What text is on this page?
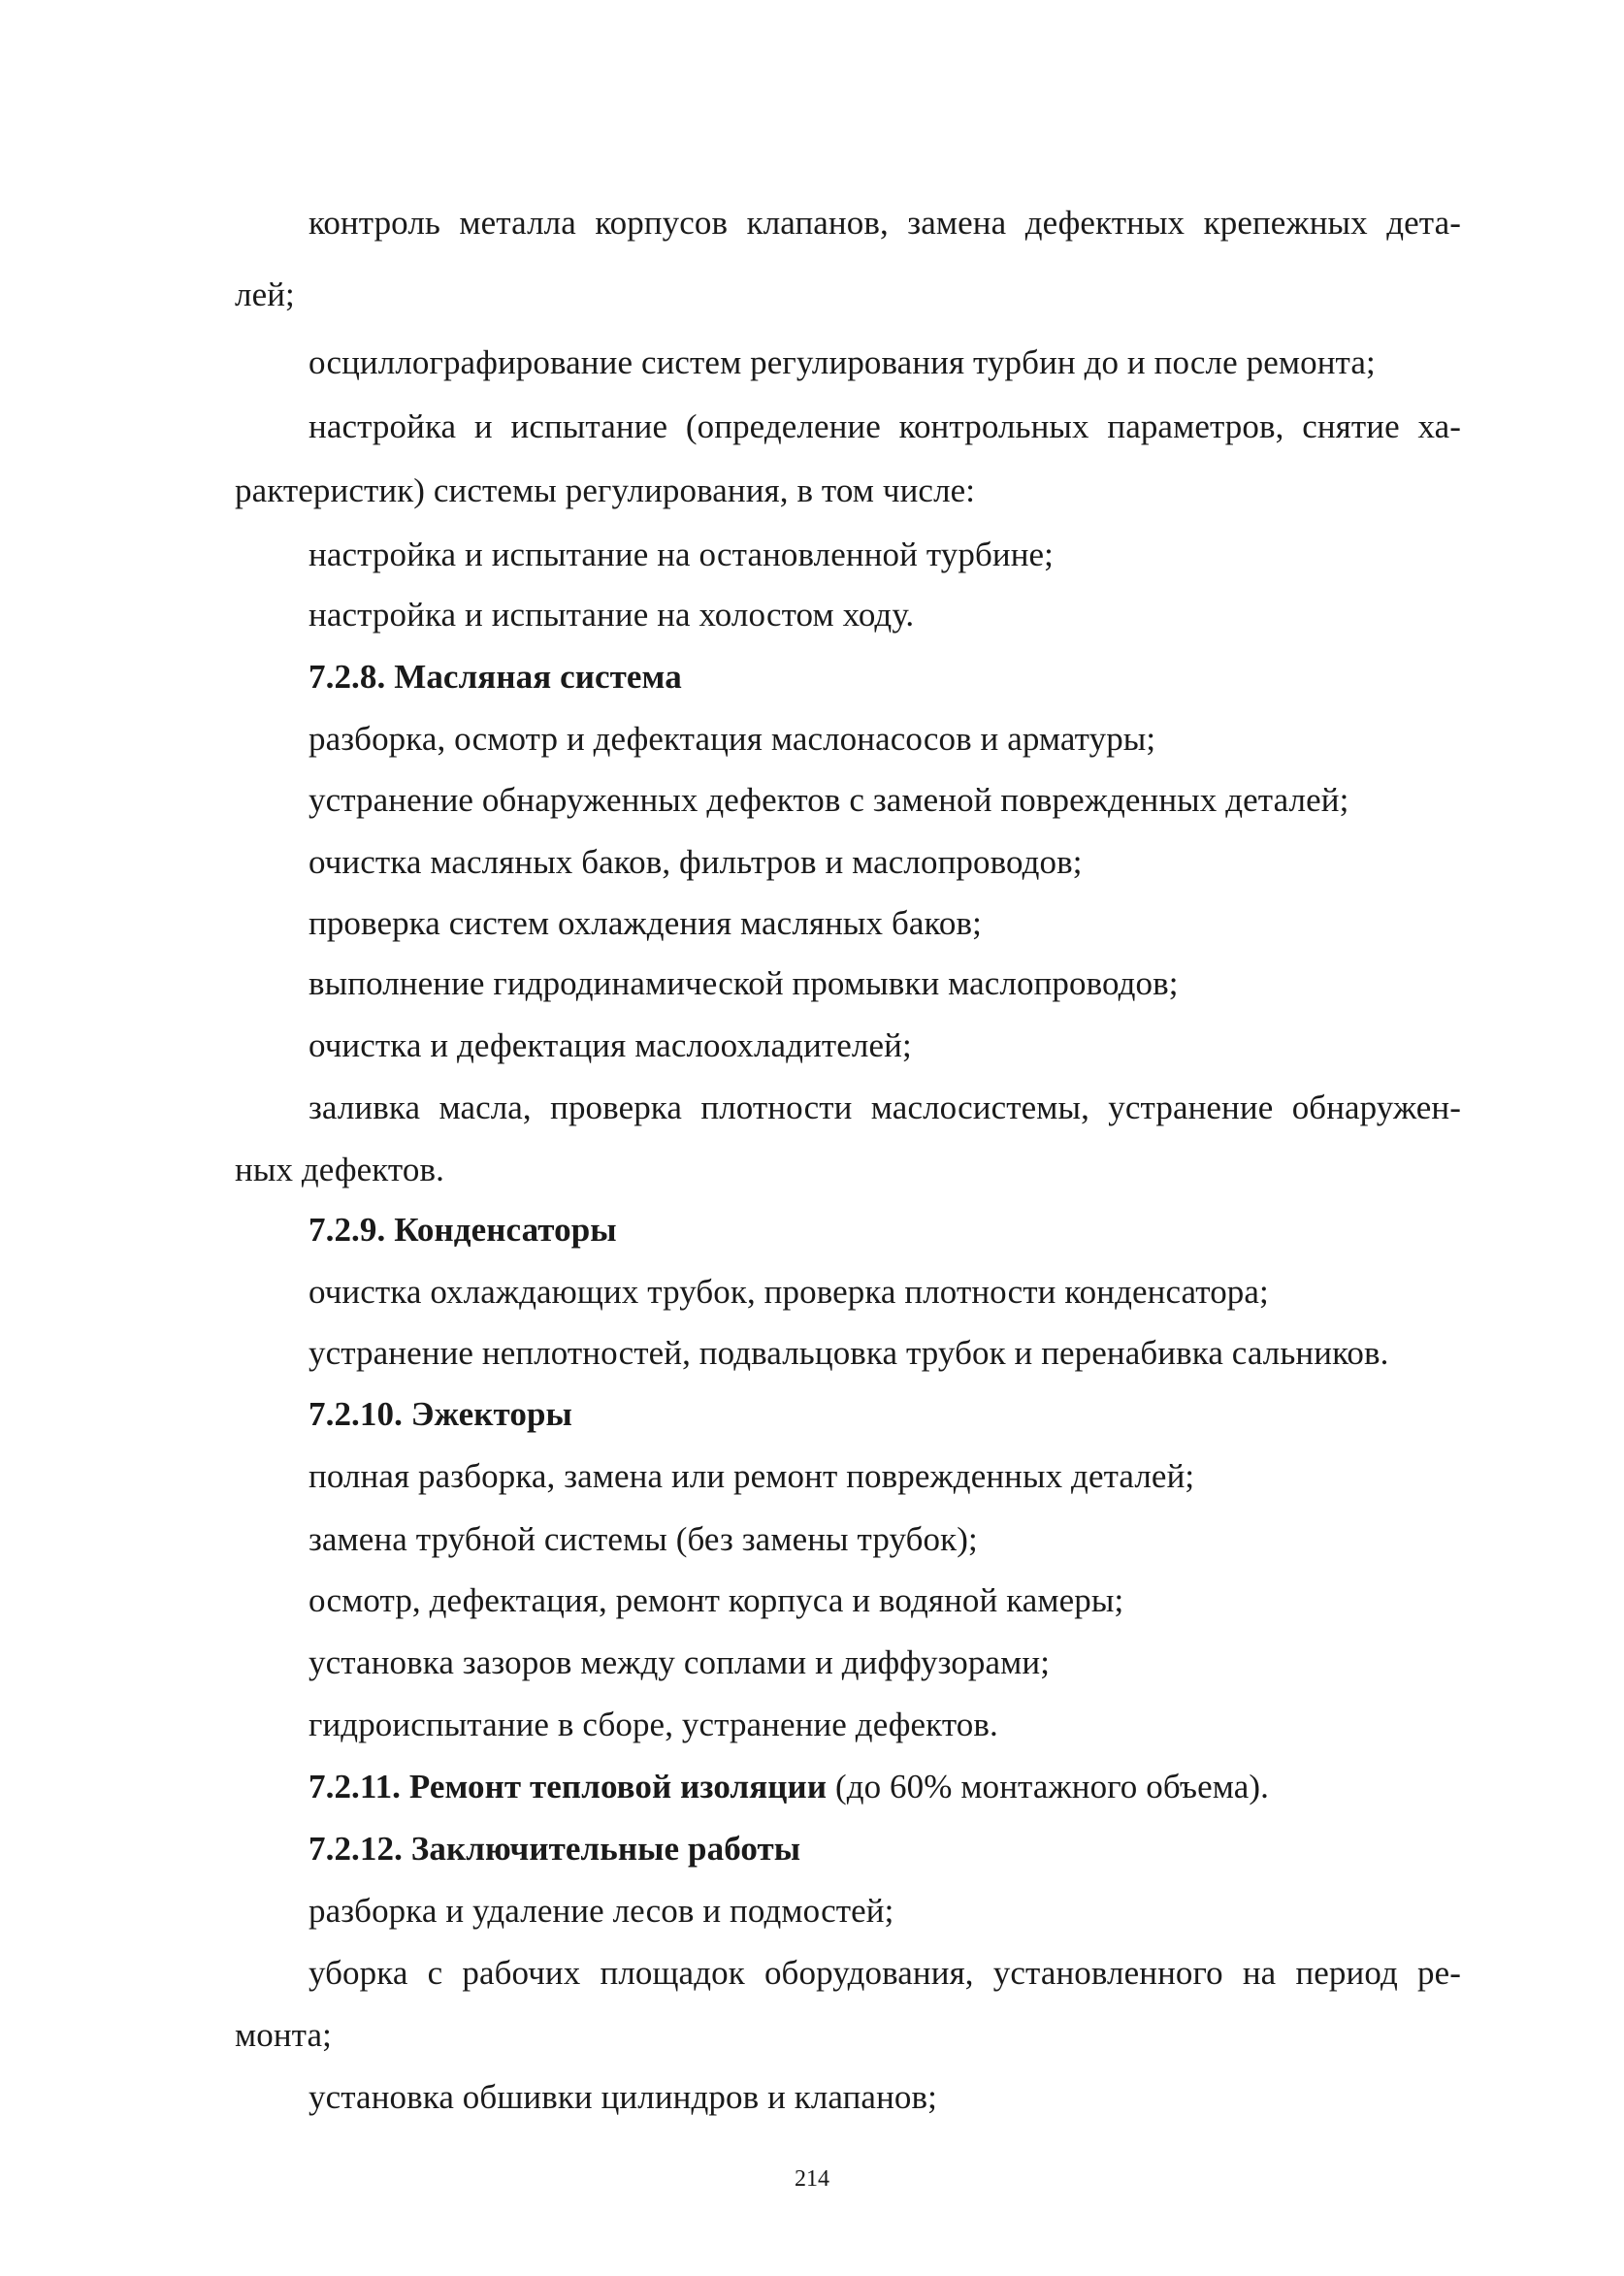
контроль металла корпусов клапанов, замена дефектных крепежных дета-
лей;
осциллографирование систем регулирования турбин до и после ремонта;
настройка и испытание (определение контрольных параметров, снятие ха-
рактеристик) системы регулирования, в том числе:
настройка и испытание на остановленной турбине;
настройка и испытание на холостом ходу.
7.2.8. Масляная система
разборка, осмотр и дефектация маслонасосов и арматуры;
устранение обнаруженных дефектов с заменой поврежденных деталей;
очистка масляных баков, фильтров и маслопроводов;
проверка систем охлаждения масляных баков;
выполнение гидродинамической промывки маслопроводов;
очистка и дефектация маслоохладителей;
заливка масла, проверка плотности маслосистемы, устранение обнаружен-
ных дефектов.
7.2.9. Конденсаторы
очистка охлаждающих трубок, проверка плотности конденсатора;
устранение неплотностей, подвальцовка трубок и перенабивка сальников.
7.2.10. Эжекторы
полная разборка, замена или ремонт поврежденных деталей;
замена трубной системы (без замены трубок);
осмотр, дефектация, ремонт корпуса и водяной камеры;
установка зазоров между соплами и диффузорами;
гидроиспытание в сборе, устранение дефектов.
7.2.11. Ремонт тепловой изоляции (до 60% монтажного объема).
7.2.12. Заключительные работы
разборка и удаление лесов и подмостей;
уборка с рабочих площадок оборудования, установленного на период ре-
монта;
установка обшивки цилиндров и клапанов;
214
